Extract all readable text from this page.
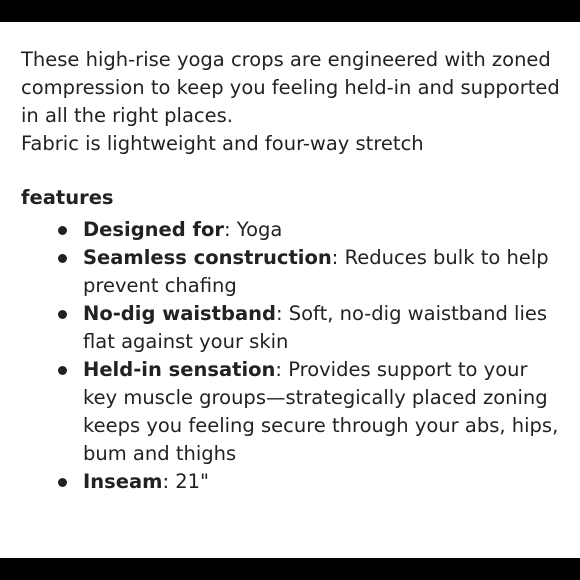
These high-rise yoga crops are engineered with zoned compression to keep you feeling held-in and supported in all the right places.
Fabric is lightweight and four-way stretch

features
Designed for: Yoga
Seamless construction: Reduces bulk to help prevent chafing
No-dig waistband: Soft, no-dig waistband lies flat against your skin
Held-in sensation: Provides support to your key muscle groups—strategically placed zoning keeps you feeling secure through your abs, hips, bum and thighs
Inseam: 21"
